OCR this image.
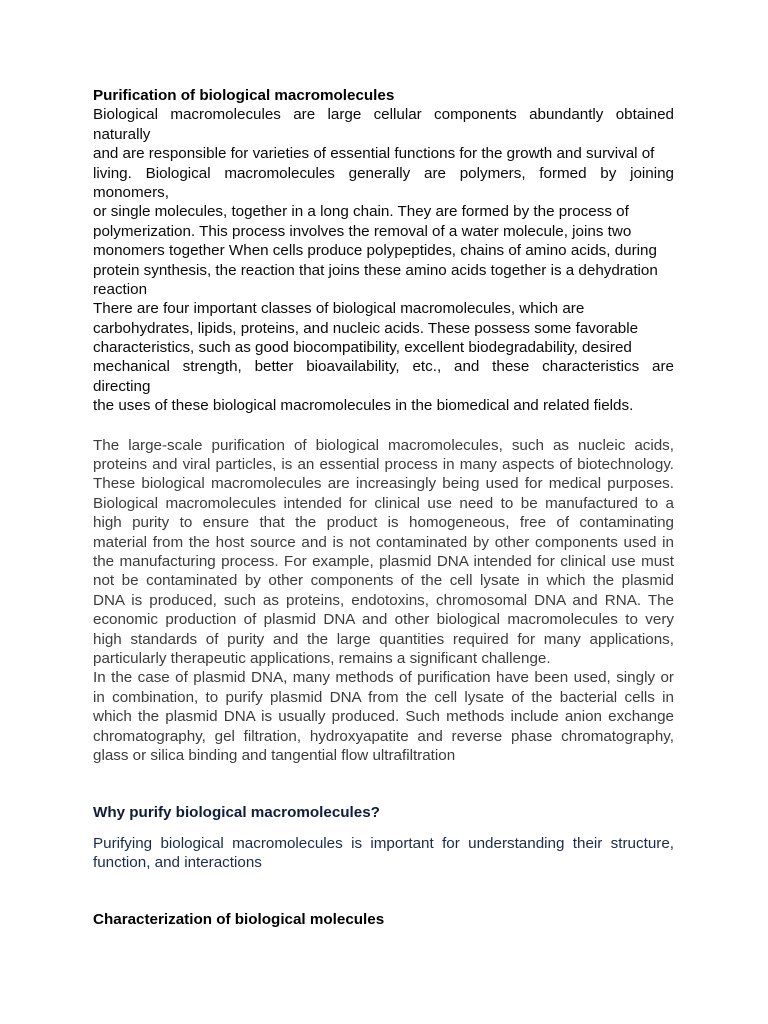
Purification of biological macromolecules
Biological macromolecules are large cellular components abundantly obtained
naturally
and are responsible for varieties of essential functions for the growth and survival of
living. Biological macromolecules generally are polymers, formed by joining
monomers,
or single molecules, together in a long chain. They are formed by the process of
polymerization. This process involves the removal of a water molecule, joins two
monomers together When cells produce polypeptides, chains of amino acids, during
protein synthesis, the reaction that joins these amino acids together is a dehydration
reaction
There are four important classes of biological macromolecules, which are
carbohydrates, lipids, proteins, and nucleic acids. These possess some favorable
characteristics, such as good biocompatibility, excellent biodegradability, desired
mechanical strength, better bioavailability, etc., and these characteristics are
directing
the uses of these biological macromolecules in the biomedical and related fields.
The large-scale purification of biological macromolecules, such as nucleic acids,
proteins and viral particles, is an essential process in many aspects of biotechnology.
These biological macromolecules are increasingly being used for medical purposes.
Biological macromolecules intended for clinical use need to be manufactured to a
high purity to ensure that the product is homogeneous, free of contaminating
material from the host source and is not contaminated by other components used in
the manufacturing process. For example, plasmid DNA intended for clinical use must
not be contaminated by other components of the cell lysate in which the plasmid
DNA is produced, such as proteins, endotoxins, chromosomal DNA and RNA. The
economic production of plasmid DNA and other biological macromolecules to very
high standards of purity and the large quantities required for many applications,
particularly therapeutic applications, remains a significant challenge.
In the case of plasmid DNA, many methods of purification have been used, singly or
in combination, to purify plasmid DNA from the cell lysate of the bacterial cells in
which the plasmid DNA is usually produced. Such methods include anion exchange
chromatography, gel filtration, hydroxyapatite and reverse phase chromatography,
glass or silica binding and tangential flow ultrafiltration
Why purify biological macromolecules?
Purifying biological macromolecules is important for understanding their structure,
function, and interactions
Characterization of biological molecules
